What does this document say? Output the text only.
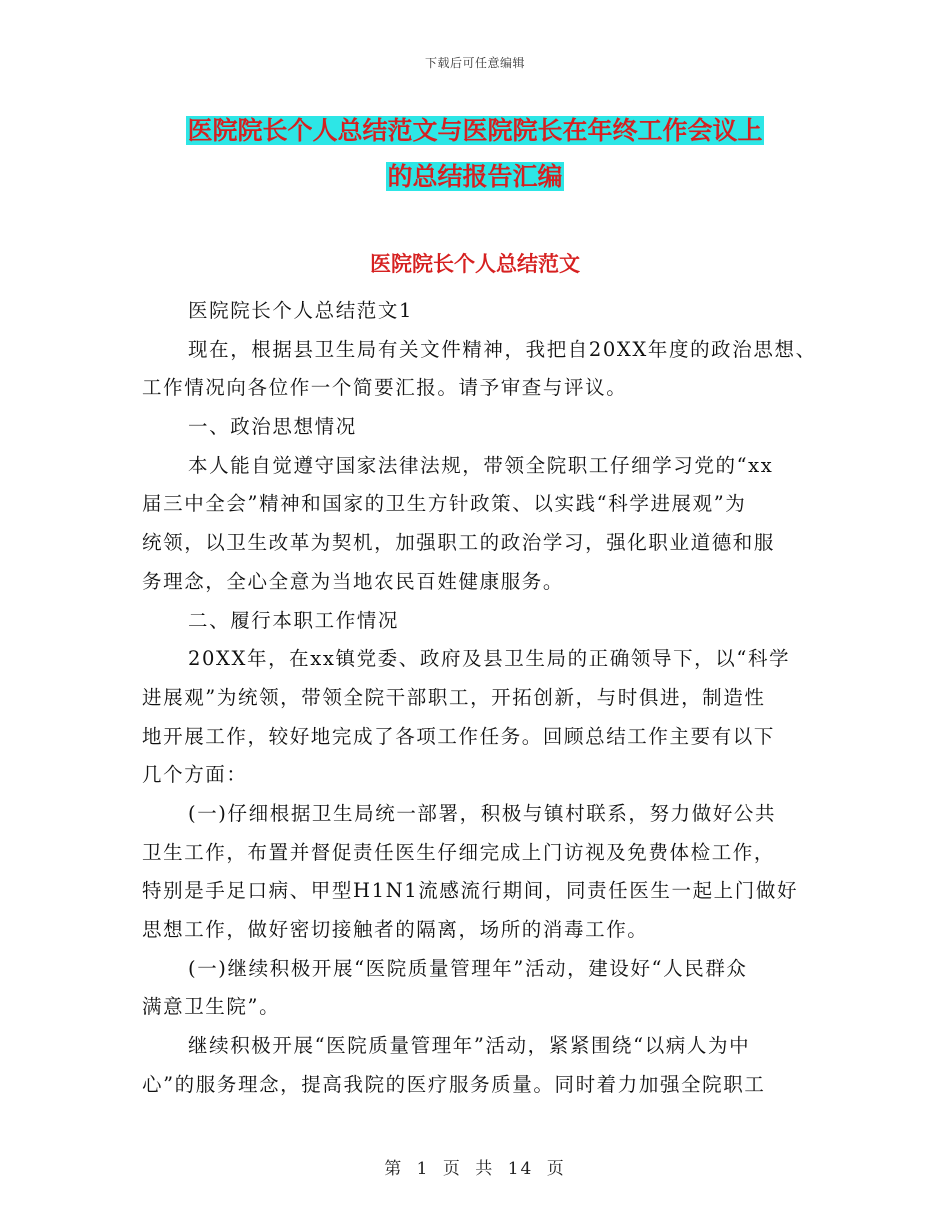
下载后可任意编辑
医院院长个人总结范文与医院院长在年终工作会议上
的总结报告汇编
医院院长个人总结范文
医院院长个人总结范文1
现在，根据县卫生局有关文件精神，我把自20XX年度的政治思想、
工作情况向各位作一个简要汇报。请予审查与评议。
一、政治思想情况
本人能自觉遵守国家法律法规，带领全院职工仔细学习党的“xx
届三中全会”精神和国家的卫生方针政策、以实践“科学进展观”为
统领，以卫生改革为契机，加强职工的政治学习，强化职业道德和服
务理念，全心全意为当地农民百姓健康服务。
二、履行本职工作情况
20XX年，在xx镇党委、政府及县卫生局的正确领导下，以“科学
进展观”为统领，带领全院干部职工，开拓创新，与时俱进，制造性
地开展工作，较好地完成了各项工作任务。回顾总结工作主要有以下
几个方面：
(一)仔细根据卫生局统一部署，积极与镇村联系，努力做好公共
卫生工作，布置并督促责任医生仔细完成上门访视及免费体检工作，
特别是手足口病、甲型H1N1流感流行期间，同责任医生一起上门做好
思想工作，做好密切接触者的隔离，场所的消毒工作。
(一)继续积极开展“医院质量管理年”活动，建设好“人民群众
满意卫生院”。
继续积极开展“医院质量管理年”活动，紧紧围绕“以病人为中
心”的服务理念，提高我院的医疗服务质量。同时着力加强全院职工
第 1 页 共 14 页
